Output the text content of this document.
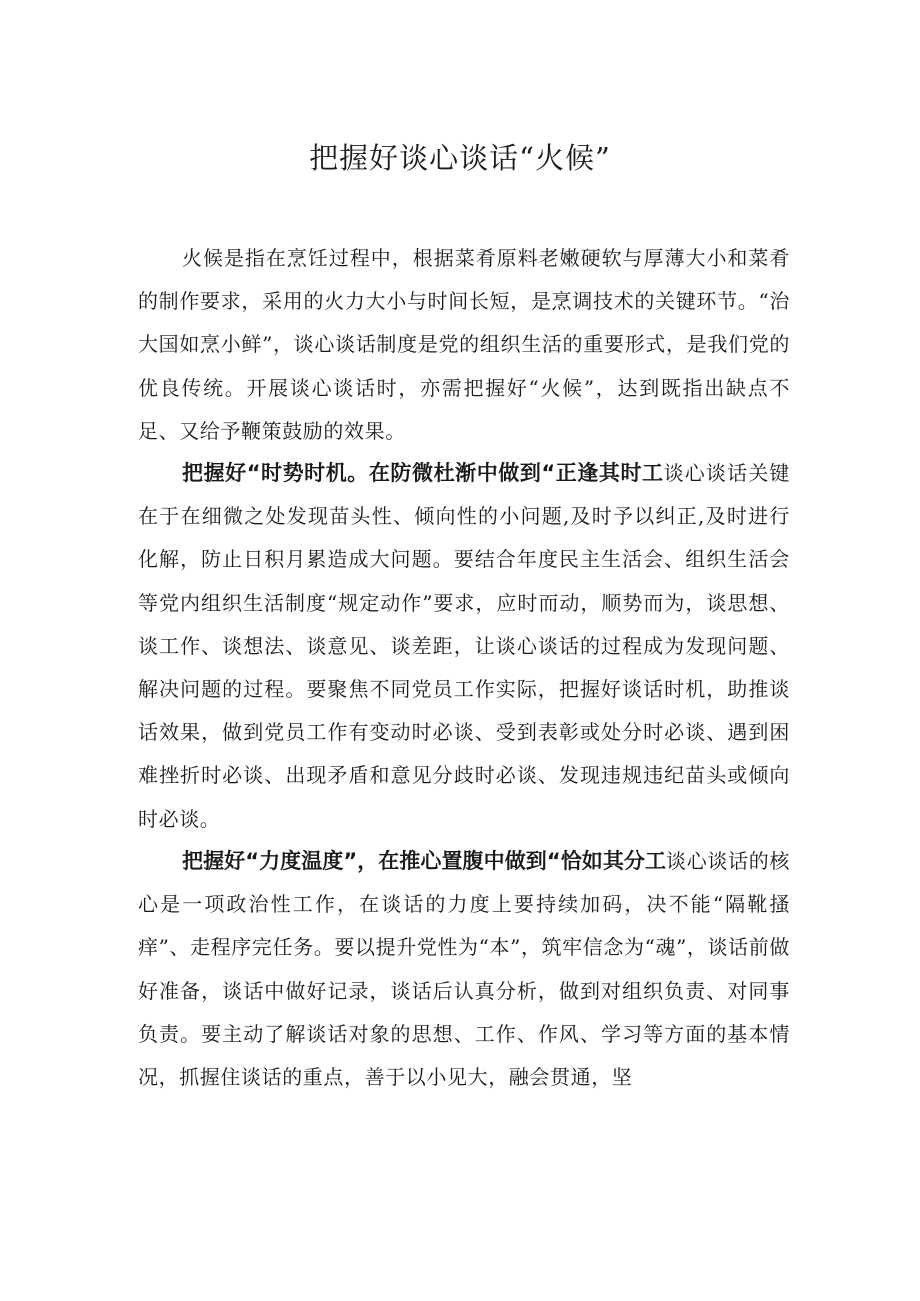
把握好谈心谈话“火候”

火候是指在烹饪过程中，根据菜肴原料老嫩硬软与厚薄大小和菜肴的制作要求，采用的火力大小与时间长短，是烹调技术的关键环节。“治大国如烹小鲜”，谈心谈话制度是党的组织生活的重要形式，是我们党的优良传统。开展谈心谈话时，亦需把握好“火候”，达到既指出缺点不足、又给予鞭策鼓励的效果。

把握好“时势时机。在防微杜渐中做到“正逢其时工谈心谈话关键在于在细微之处发现苗头性、倾向性的小问题,及时予以纠正,及时进行化解，防止日积月累造成大问题。要结合年度民主生活会、组织生活会等党内组织生活制度“规定动作”要求，应时而动，顺势而为，谈思想、谈工作、谈想法、谈意见、谈差距，让谈心谈话的过程成为发现问题、解决问题的过程。要聚焦不同党员工作实际，把握好谈话时机，助推谈话效果，做到党员工作有变动时必谈、受到表彰或处分时必谈、遇到困难挫折时必谈、出现矛盾和意见分歧时必谈、发现违规违纪苗头或倾向时必谈。

把握好“力度温度”，在推心置腹中做到“恰如其分工谈心谈话的核心是一项政治性工作，在谈话的力度上要持续加码，决不能“隔靴搔痒”、走程序完任务。要以提升党性为“本”，筑牢信念为“魂”，谈话前做好准备，谈话中做好记录，谈话后认真分析，做到对组织负责、对同事负责。要主动了解谈话对象的思想、工作、作风、学习等方面的基本情况，抓握住谈话的重点，善于以小见大，融会贯通，坚
